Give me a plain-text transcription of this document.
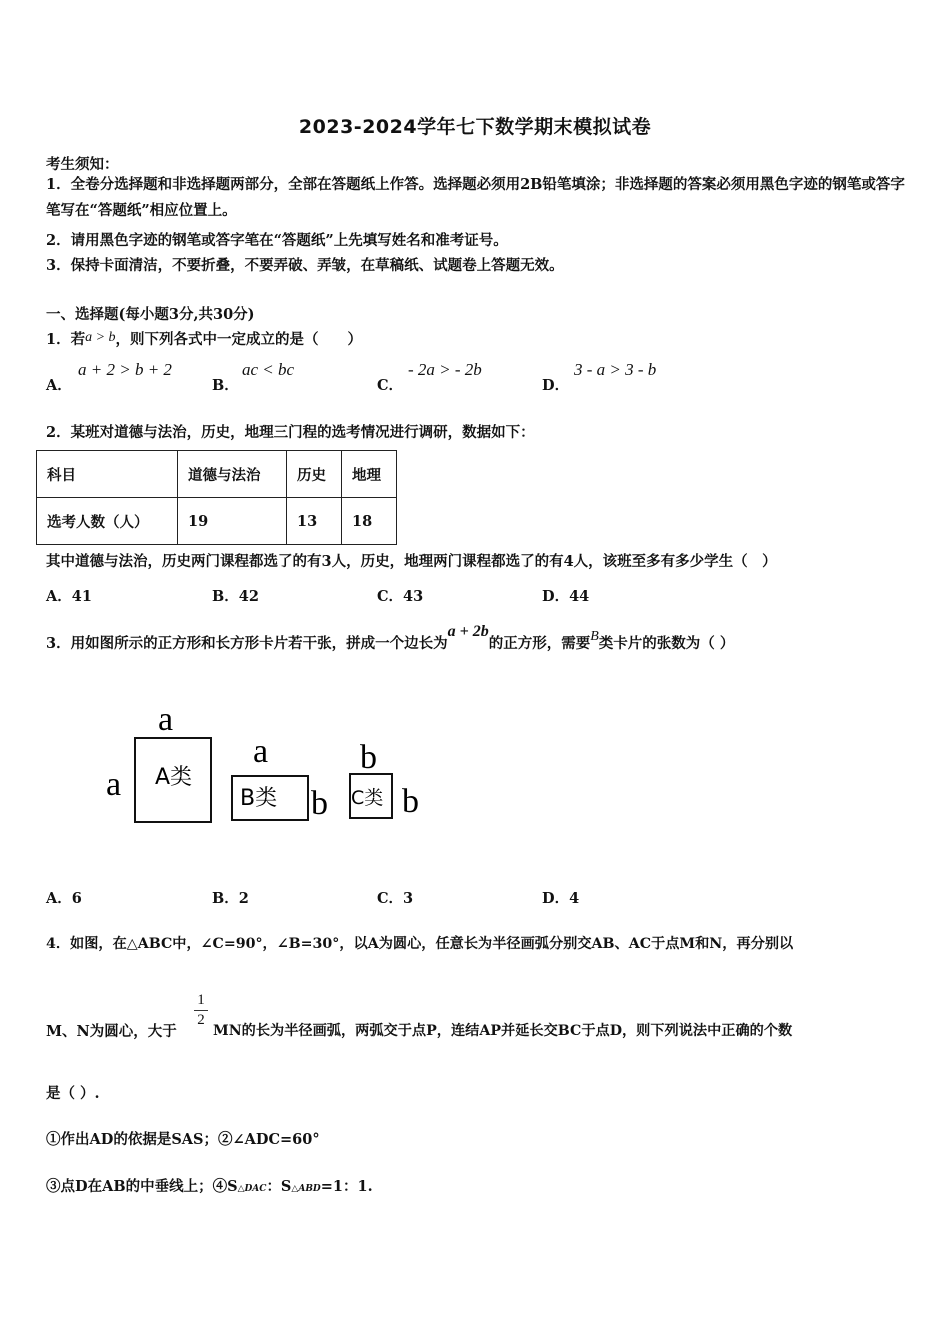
2023-2024学年七下数学期末模拟试卷
考生须知：
1．全卷分选择题和非选择题两部分，全部在答题纸上作答。选择题必须用2B铅笔填涂；非选择题的答案必须用黑色字迹的钢笔或答字笔写在“答题纸”相应位置上。
2．请用黑色字迹的钢笔或答字笔在“答题纸”上先填写姓名和准考证号。
3．保持卡面清洁，不要折叠，不要弄破、弄皱，在草稿纸、试题卷上答题无效。
一、选择题(每小题3分,共30分)
1．若a > b，则下列各式中一定成立的是（　　）
A．
a + 2 > b + 2
B．
ac < bc
C．
- 2a > - 2b
D．
3 - a > 3 - b
2．某班对道德与法治，历史，地理三门程的选考情况进行调研，数据如下：
科目	道德与法治	历史	地理
选考人数（人）	19	13	18
其中道德与法治，历史两门课程都选了的有3人，历史，地理两门课程都选了的有4人，该班至多有多少学生（　）
A．41	B．42	C．43	D．44
3．用如图所示的正方形和长方形卡片若干张，拼成一个边长为a + 2b的正方形，需要B类卡片的张数为（ ）
a
a A类
a
B类 b
b
C类 b
A．6	B．2	C．3	D．4
4．如图，在△ABC中，∠C=90°，∠B=30°，以A为圆心，任意长为半径画弧分别交AB、AC于点M和N，再分别以
1
2
M、N为圆心，大于	MN的长为半径画弧，两弧交于点P，连结AP并延长交BC于点D，则下列说法中正确的个数
是（ ）.
①作出AD的依据是SAS；②∠ADC=60°
③点D在AB的中垂线上；④S△DAC：S△ABD=1：1.
